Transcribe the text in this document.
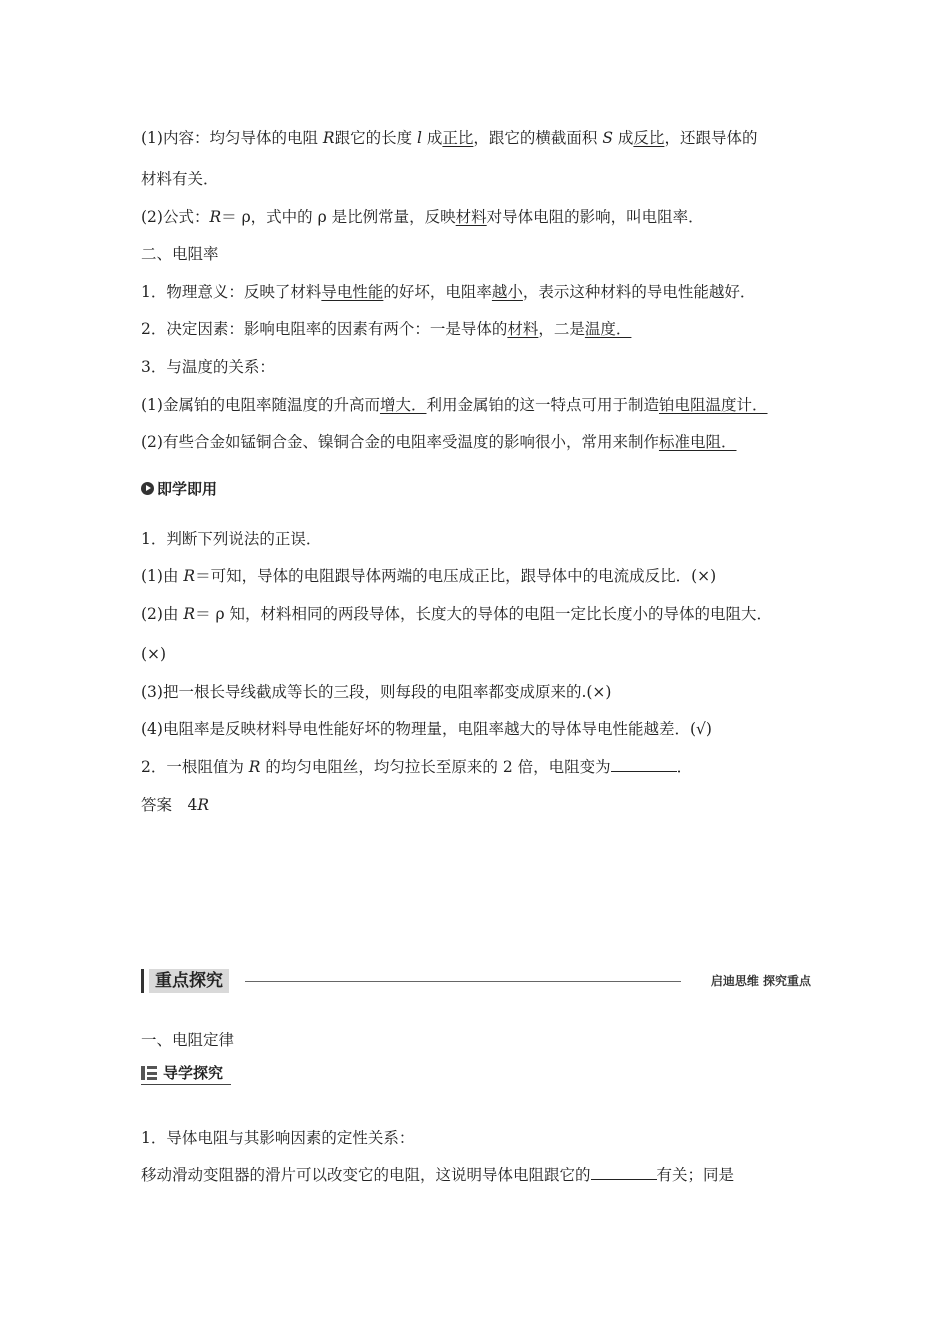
(1)内容：均匀导体的电阻 R跟它的长度 l 成正比，跟它的横截面积 S 成反比，还跟导体的
材料有关．
(2)公式：R＝ ρ，式中的 ρ 是比例常量，反映材料对导体电阻的影响，叫电阻率．
二、电阻率
1．物理意义：反映了材料导电性能的好坏，电阻率越小，表示这种材料的导电性能越好．
2．决定因素：影响电阻率的因素有两个：一是导体的材料，二是温度．
3．与温度的关系：
(1)金属铂的电阻率随温度的升高而增大．利用金属铂的这一特点可用于制造铂电阻温度计．
(2)有些合金如锰铜合金、镍铜合金的电阻率受温度的影响很小，常用来制作标准电阻．
即学即用
1．判断下列说法的正误．
(1)由 R＝可知，导体的电阻跟导体两端的电压成正比，跟导体中的电流成反比．(×)
(2)由 R＝ ρ 知，材料相同的两段导体，长度大的导体的电阻一定比长度小的导体的电阻大．
(×)
(3)把一根长导线截成等长的三段，则每段的电阻率都变成原来的.(×)
(4)电阻率是反映材料导电性能好坏的物理量，电阻率越大的导体导电性能越差．(√)
2．一根阻值为 R 的均匀电阻丝，均匀拉长至原来的 2 倍，电阻变为	．
答案　4R
重点探究	启迪思维 探究重点
一、电阻定律
导学探究
1．导体电阻与其影响因素的定性关系：
移动滑动变阻器的滑片可以改变它的电阻，这说明导体电阻跟它的	有关；同是
